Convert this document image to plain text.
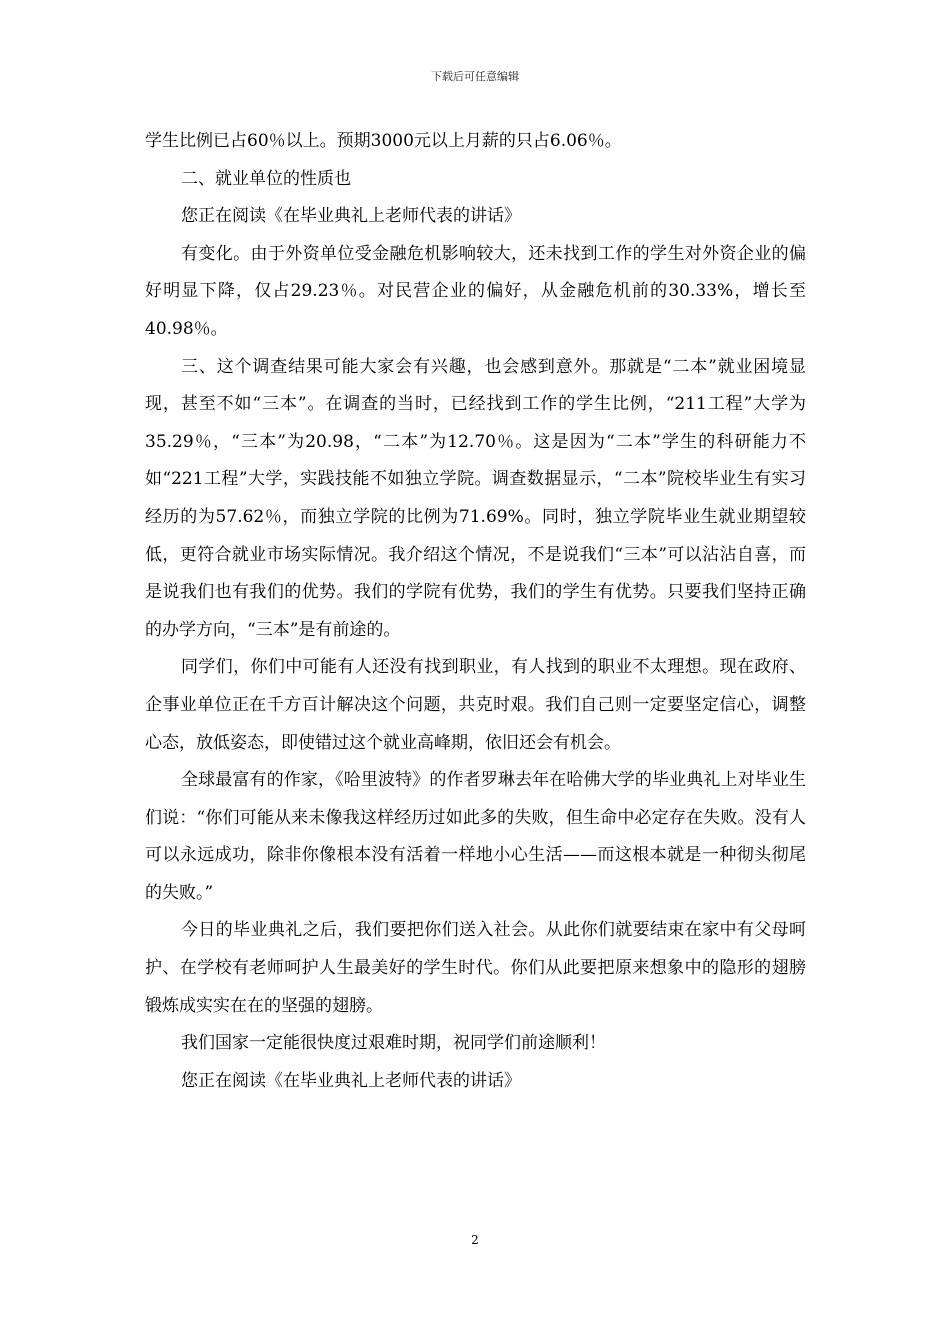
下载后可任意编辑

学生比例已占60％以上。预期3000元以上月薪的只占6.06％。

二、就业单位的性质也

您正在阅读《在毕业典礼上老师代表的讲话》

有变化。由于外资单位受金融危机影响较大，还未找到工作的学生对外资企业的偏好明显下降，仅占29.23％。对民营企业的偏好，从金融危机前的30.33%，增长至40.98％。

三、这个调查结果可能大家会有兴趣，也会感到意外。那就是“二本”就业困境显现，甚至不如“三本”。在调查的当时，已经找到工作的学生比例，“211工程”大学为35.29％，“三本”为20.98，“二本”为12.70％。这是因为“二本”学生的科研能力不如“221工程”大学，实践技能不如独立学院。调查数据显示，“二本”院校毕业生有实习经历的为57.62％，而独立学院的比例为71.69%。同时，独立学院毕业生就业期望较低，更符合就业市场实际情况。我介绍这个情况，不是说我们“三本”可以沾沾自喜，而是说我们也有我们的优势。我们的学院有优势，我们的学生有优势。只要我们坚持正确的办学方向，“三本”是有前途的。

同学们，你们中可能有人还没有找到职业，有人找到的职业不太理想。现在政府、企事业单位正在千方百计解决这个问题，共克时艰。我们自己则一定要坚定信心，调整心态，放低姿态，即使错过这个就业高峰期，依旧还会有机会。

全球最富有的作家，《哈里波特》的作者罗琳去年在哈佛大学的毕业典礼上对毕业生们说：“你们可能从来未像我这样经历过如此多的失败，但生命中必定存在失败。没有人可以永远成功，除非你像根本没有活着一样地小心生活——而这根本就是一种彻头彻尾的失败。”

今日的毕业典礼之后，我们要把你们送入社会。从此你们就要结束在家中有父母呵护、在学校有老师呵护人生最美好的学生时代。你们从此要把原来想象中的隐形的翅膀锻炼成实实在在的坚强的翅膀。

我们国家一定能很快度过艰难时期，祝同学们前途顺利！

您正在阅读《在毕业典礼上老师代表的讲话》

2
